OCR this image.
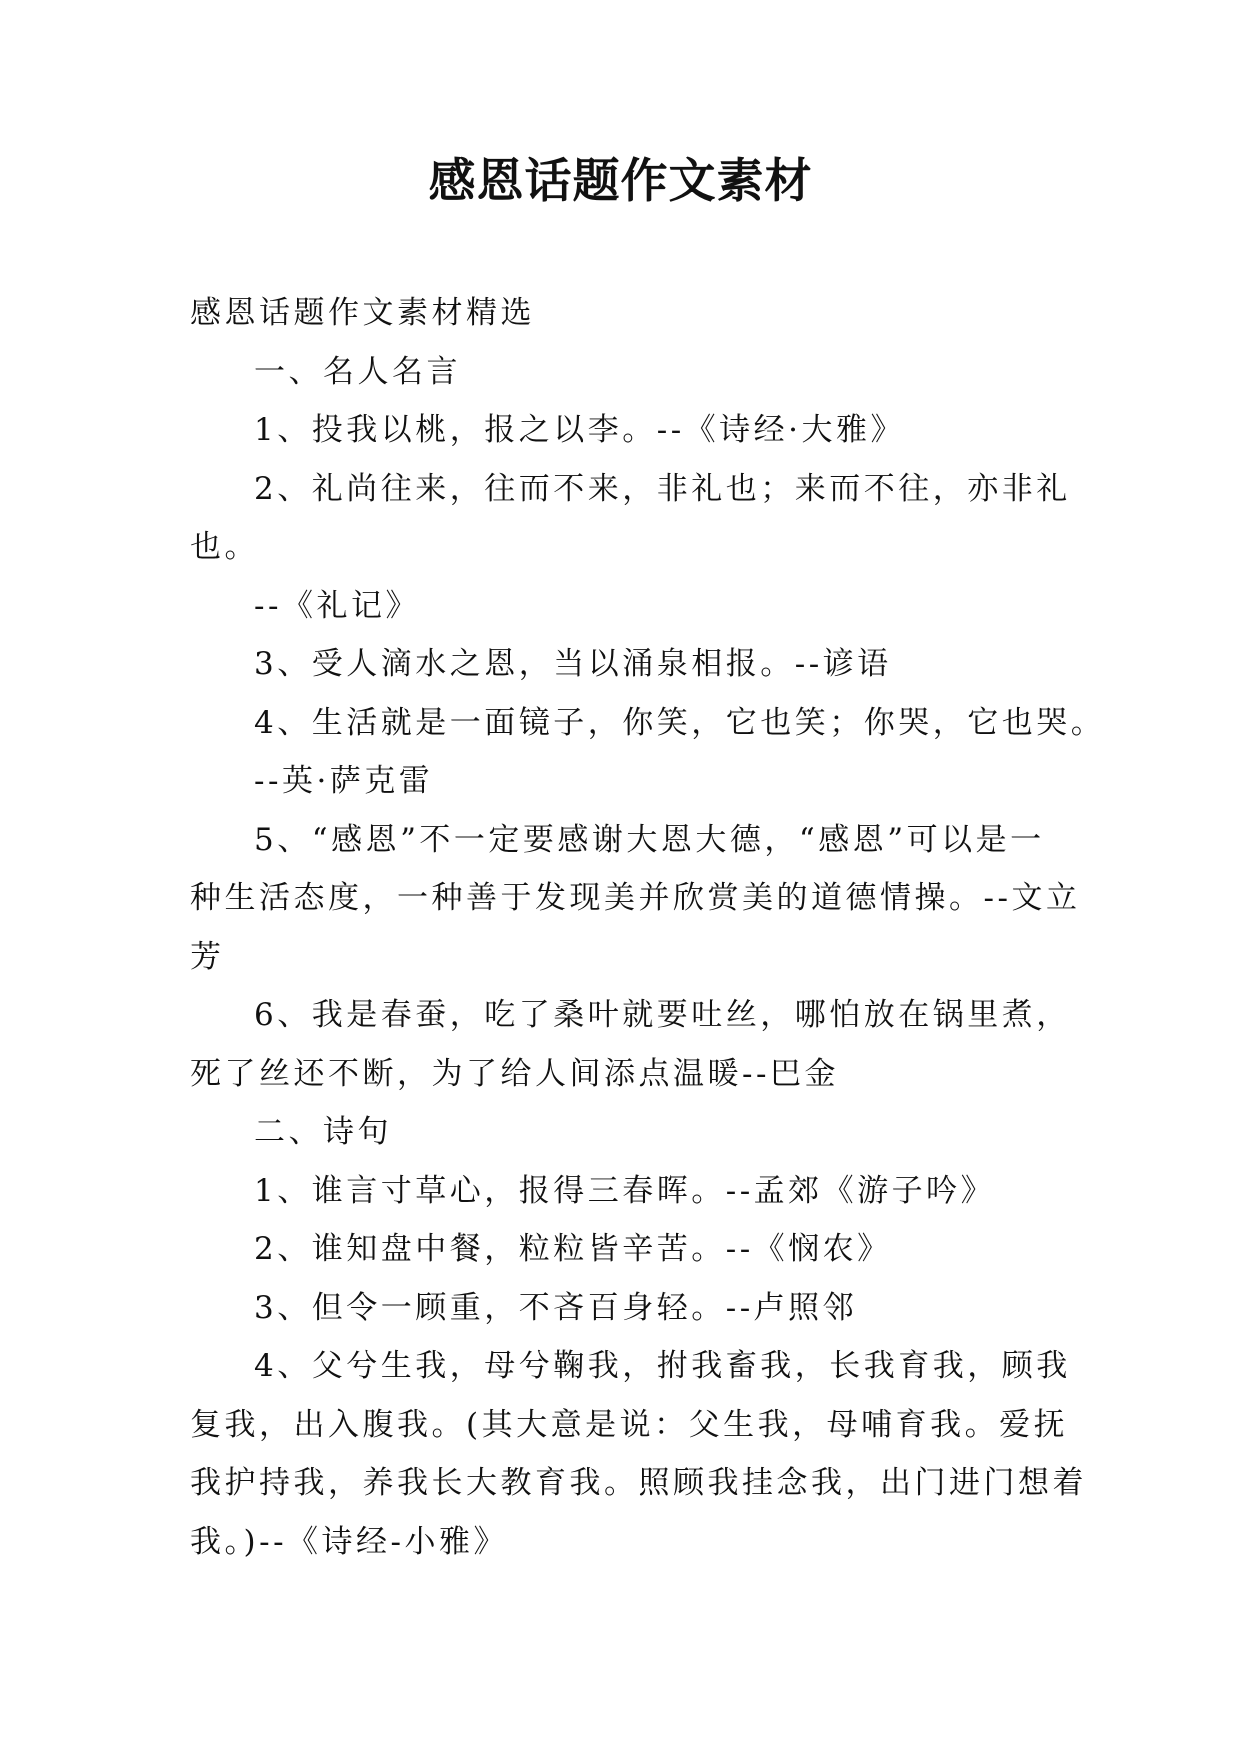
感恩话题作文素材

感恩话题作文素材精选

一、名人名言

1、投我以桃，报之以李。--《诗经·大雅》

2、礼尚往来，往而不来，非礼也；来而不往，亦非礼

也。

--《礼记》

3、受人滴水之恩，当以涌泉相报。--谚语

4、生活就是一面镜子，你笑，它也笑；你哭，它也哭。

--英·萨克雷

5、“感恩”不一定要感谢大恩大德，“感恩”可以是一

种生活态度，一种善于发现美并欣赏美的道德情操。--文立

芳

6、我是春蚕，吃了桑叶就要吐丝，哪怕放在锅里煮，

死了丝还不断，为了给人间添点温暖--巴金

二、诗句

1、谁言寸草心，报得三春晖。--孟郊《游子吟》

2、谁知盘中餐，粒粒皆辛苦。--《悯农》

3、但令一顾重，不吝百身轻。--卢照邻

4、父兮生我，母兮鞠我，拊我畜我，长我育我，顾我

复我，出入腹我。(其大意是说：父生我，母哺育我。爱抚

我护持我，养我长大教育我。照顾我挂念我，出门进门想着

我。)--《诗经-小雅》
